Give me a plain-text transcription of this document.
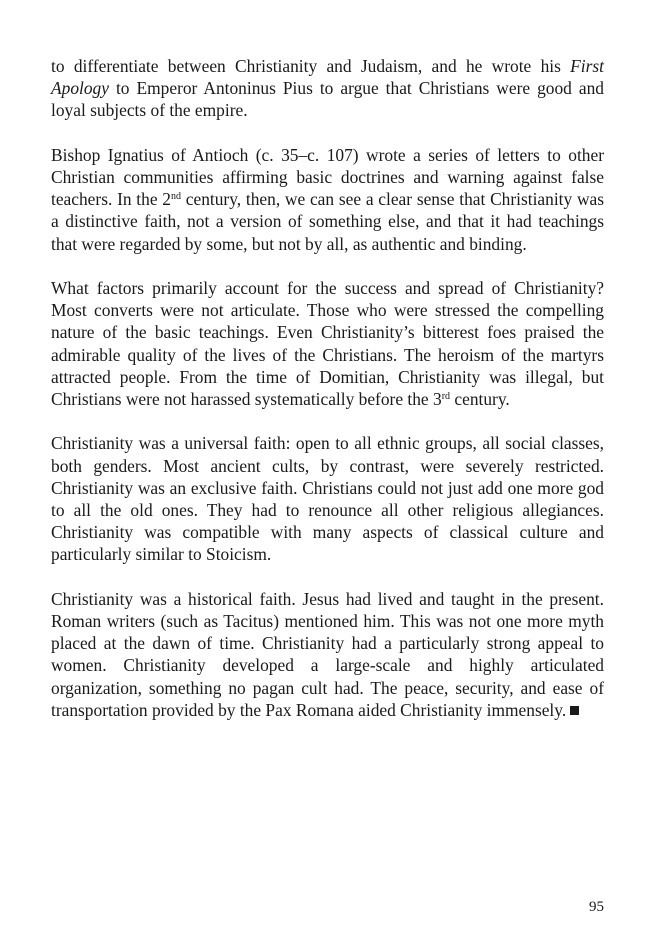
to differentiate between Christianity and Judaism, and he wrote his First Apology to Emperor Antoninus Pius to argue that Christians were good and loyal subjects of the empire.

Bishop Ignatius of Antioch (c. 35–c. 107) wrote a series of letters to other Christian communities affirming basic doctrines and warning against false teachers. In the 2nd century, then, we can see a clear sense that Christianity was a distinctive faith, not a version of something else, and that it had teachings that were regarded by some, but not by all, as authentic and binding.

What factors primarily account for the success and spread of Christianity? Most converts were not articulate. Those who were stressed the compelling nature of the basic teachings. Even Christianity’s bitterest foes praised the admirable quality of the lives of the Christians. The heroism of the martyrs attracted people. From the time of Domitian, Christianity was illegal, but Christians were not harassed systematically before the 3rd century.

Christianity was a universal faith: open to all ethnic groups, all social classes, both genders. Most ancient cults, by contrast, were severely restricted. Christianity was an exclusive faith. Christians could not just add one more god to all the old ones. They had to renounce all other religious allegiances. Christianity was compatible with many aspects of classical culture and particularly similar to Stoicism.

Christianity was a historical faith. Jesus had lived and taught in the present. Roman writers (such as Tacitus) mentioned him. This was not one more myth placed at the dawn of time. Christianity had a particularly strong appeal to women. Christianity developed a large-scale and highly articulated organization, something no pagan cult had. The peace, security, and ease of transportation provided by the Pax Romana aided Christianity immensely.

95
